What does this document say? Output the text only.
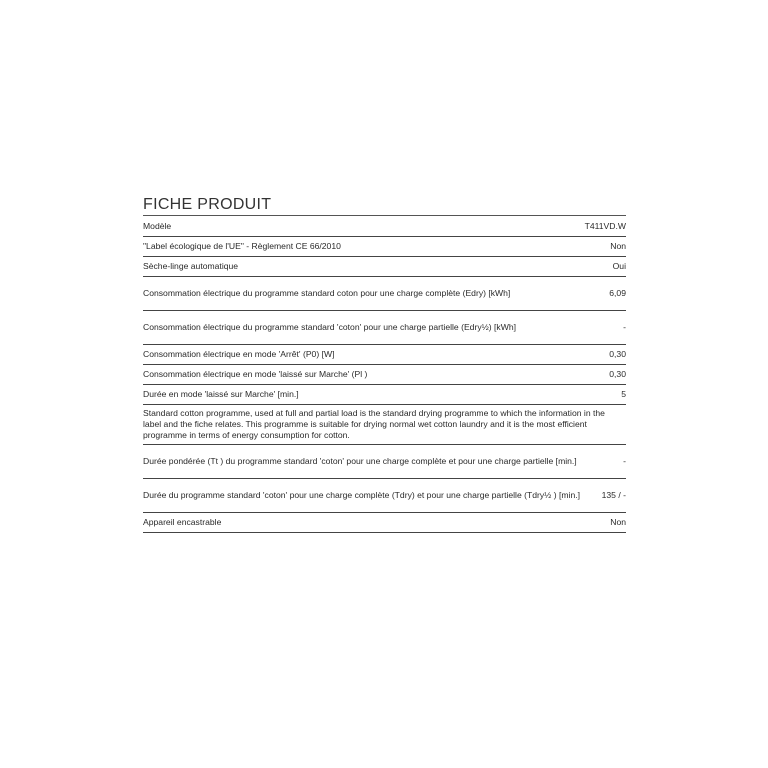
FICHE PRODUIT
Modèle	T411VD.W
"Label écologique de l'UE" - Règlement CE 66/2010	Non
Sèche-linge automatique	Oui
Consommation électrique du programme standard coton pour une charge complète (Edry) [kWh]	6,09
Consommation électrique du programme standard 'coton' pour une charge partielle (Edry½) [kWh]	-
Consommation électrique en mode 'Arrêt' (P0) [W]	0,30
Consommation électrique en mode 'laissé sur Marche' (Pl )	0,30
Durée en mode 'laissé sur Marche' [min.]	5
Standard cotton programme, used at full and partial load is the standard drying programme to which the information in the label and the fiche relates. This programme is suitable for drying normal wet cotton laundry and it is the most efficient programme in terms of energy consumption for cotton.
Durée pondérée (Tt ) du programme standard 'coton' pour une charge complète et pour une charge partielle [min.]	-
Durée du programme standard 'coton' pour une charge complète (Tdry) et pour une charge partielle (Tdry½ ) [min.]	135 / -
Appareil encastrable	Non
